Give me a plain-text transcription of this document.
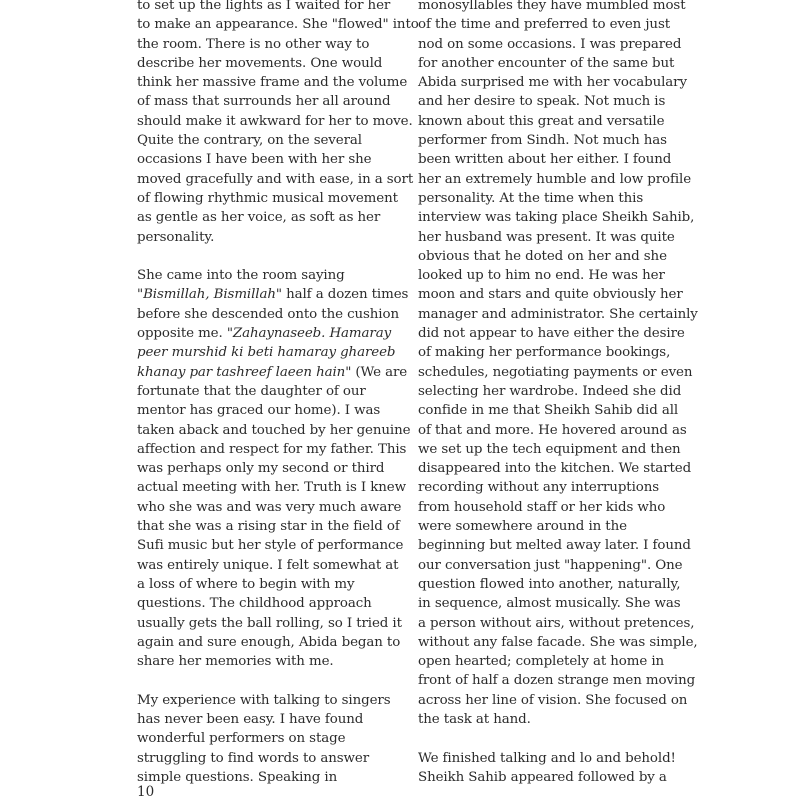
to set up the lights as I waited for her
to make an appearance. She "flowed" into
the room. There is no other way to
describe her movements. One would
think her massive frame and the volume
of mass that surrounds her all around
should make it awkward for her to move.
Quite the contrary, on the several
occasions I have been with her she
moved gracefully and with ease, in a sort
of flowing rhythmic musical movement
as gentle as her voice, as soft as her
personality.
She came into the room saying
"Bismillah, Bismillah" half a dozen times
before she descended onto the cushion
opposite me. "Zahaynaseeb. Hamaray
peer murshid ki beti hamaray ghareeb
khanay par tashreef laeen hain" (We are
fortunate that the daughter of our
mentor has graced our home). I was
taken aback and touched by her genuine
affection and respect for my father. This
was perhaps only my second or third
actual meeting with her. Truth is I knew
who she was and was very much aware
that she was a rising star in the field of
Sufi music but her style of performance
was entirely unique. I felt somewhat at
a loss of where to begin with my
questions. The childhood approach
usually gets the ball rolling, so I tried it
again and sure enough, Abida began to
share her memories with me.
My experience with talking to singers
has never been easy. I have found
wonderful performers on stage
struggling to find words to answer
simple questions. Speaking in
monosyllables they have mumbled most
of the time and preferred to even just
nod on some occasions. I was prepared
for another encounter of the same but
Abida surprised me with her vocabulary
and her desire to speak. Not much is
known about this great and versatile
performer from Sindh. Not much has
been written about her either. I found
her an extremely humble and low profile
personality. At the time when this
interview was taking place Sheikh Sahib,
her husband was present. It was quite
obvious that he doted on her and she
looked up to him no end. He was her
moon and stars and quite obviously her
manager and administrator. She certainly
did not appear to have either the desire
of making her performance bookings,
schedules, negotiating payments or even
selecting her wardrobe. Indeed she did
confide in me that Sheikh Sahib did all
of that and more. He hovered around as
we set up the tech equipment and then
disappeared into the kitchen. We started
recording without any interruptions
from household staff or her kids who
were somewhere around in the
beginning but melted away later. I found
our conversation just "happening". One
question flowed into another, naturally,
in sequence, almost musically. She was
a person without airs, without pretences,
without any false facade. She was simple,
open hearted; completely at home in
front of half a dozen strange men moving
across her line of vision. She focused on
the task at hand.
We finished talking and lo and behold!
Sheikh Sahib appeared followed by a
10
